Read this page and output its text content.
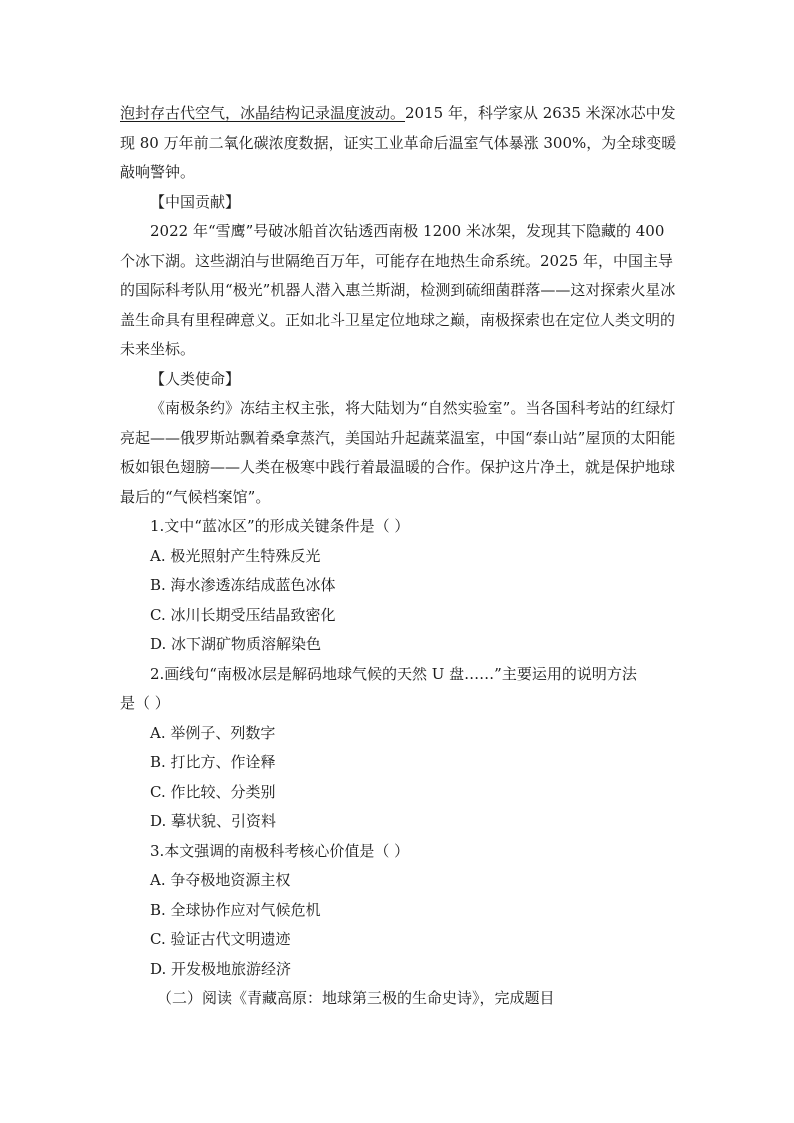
泡封存古代空气，冰晶结构记录温度波动。2015 年，科学家从 2635 米深冰芯中发现 80 万年前二氧化碳浓度数据，证实工业革命后温室气体暴涨 300%，为全球变暖敲响警钟。

【中国贡献】

2022 年“雪鹰”号破冰船首次钻透西南极 1200 米冰架，发现其下隐藏的 400 个冰下湖。这些湖泊与世隔绝百万年，可能存在地热生命系统。2025 年，中国主导的国际科考队用“极光”机器人潜入惠兰斯湖，检测到硫细菌群落——这对探索火星冰盖生命具有里程碑意义。正如北斗卫星定位地球之巅，南极探索也在定位人类文明的未来坐标。

【人类使命】

《南极条约》冻结主权主张，将大陆划为“自然实验室”。当各国科考站的红绿灯亮起——俄罗斯站飘着桑拿蒸汽，美国站升起蔬菜温室，中国“泰山站”屋顶的太阳能板如银色翅膀——人类在极寒中践行着最温暖的合作。保护这片净土，就是保护地球最后的“气候档案馆”。

1.文中“蓝冰区”的形成关键条件是（ ）

A. 极光照射产生特殊反光

B. 海水渗透冻结成蓝色冰体

C. 冰川长期受压结晶致密化

D. 冰下湖矿物质溶解染色

2.画线句“南极冰层是解码地球气候的天然 U 盘……”主要运用的说明方法

是（ ）

A. 举例子、列数字

B. 打比方、作诠释

C. 作比较、分类别

D. 摹状貌、引资料

3.本文强调的南极科考核心价值是（ ）

A. 争夺极地资源主权

B. 全球协作应对气候危机

C. 验证古代文明遗迹

D. 开发极地旅游经济

（二）阅读《青藏高原：地球第三极的生命史诗》，完成题目
